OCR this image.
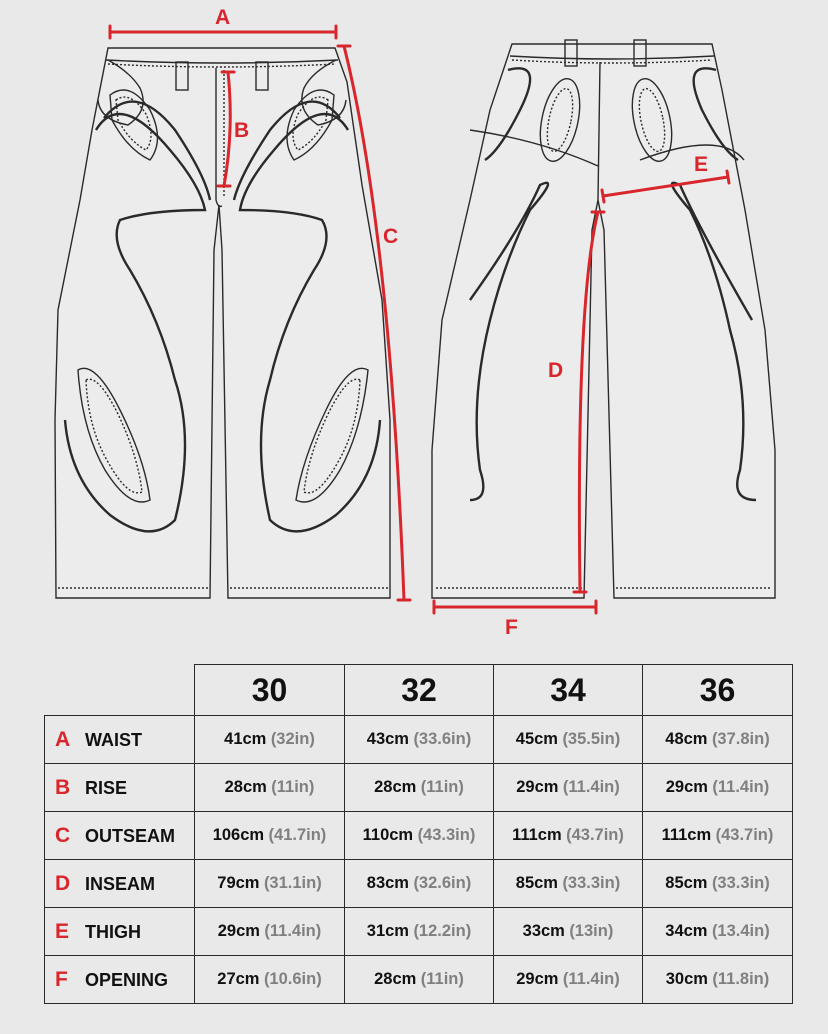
A
B
C
D
E
F
	30	32	34	36
A WAIST	41cm (32in)	43cm (33.6in)	45cm (35.5in)	48cm (37.8in)
B RISE	28cm (11in)	28cm (11in)	29cm (11.4in)	29cm (11.4in)
C OUTSEAM	106cm (41.7in)	110cm (43.3in)	111cm (43.7in)	111cm (43.7in)
D INSEAM	79cm (31.1in)	83cm (32.6in)	85cm (33.3in)	85cm (33.3in)
E THIGH	29cm (11.4in)	31cm (12.2in)	33cm (13in)	34cm (13.4in)
F OPENING	27cm (10.6in)	28cm (11in)	29cm (11.4in)	30cm (11.8in)
